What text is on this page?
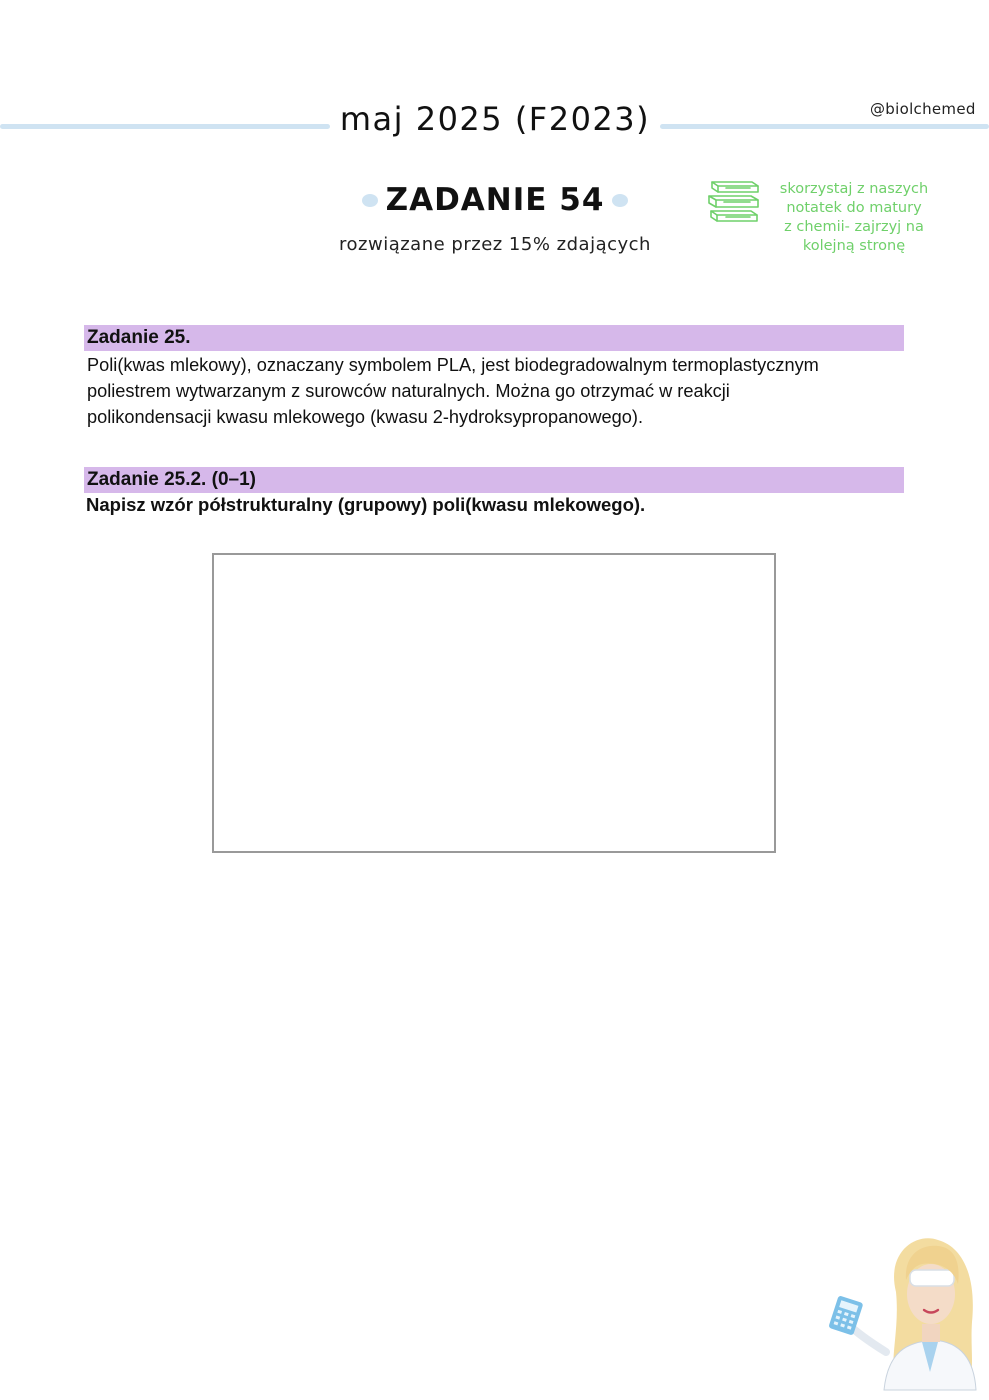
maj 2025 (F2023)	@biolchemed
ZADANIE 54
rozwiązane przez 15% zdających
skorzystaj z naszych
notatek do matury
z chemii- zajrzyj na
kolejną stronę
Zadanie 25.
Poli(kwas mlekowy), oznaczany symbolem PLA, jest biodegradowalnym termoplastycznym
poliestrem wytwarzanym z surowców naturalnych. Można go otrzymać w reakcji
polikondensacji kwasu mlekowego (kwasu 2-hydroksypropanowego).
Zadanie 25.2. (0–1)
Napisz wzór półstrukturalny (grupowy) poli(kwasu mlekowego).
